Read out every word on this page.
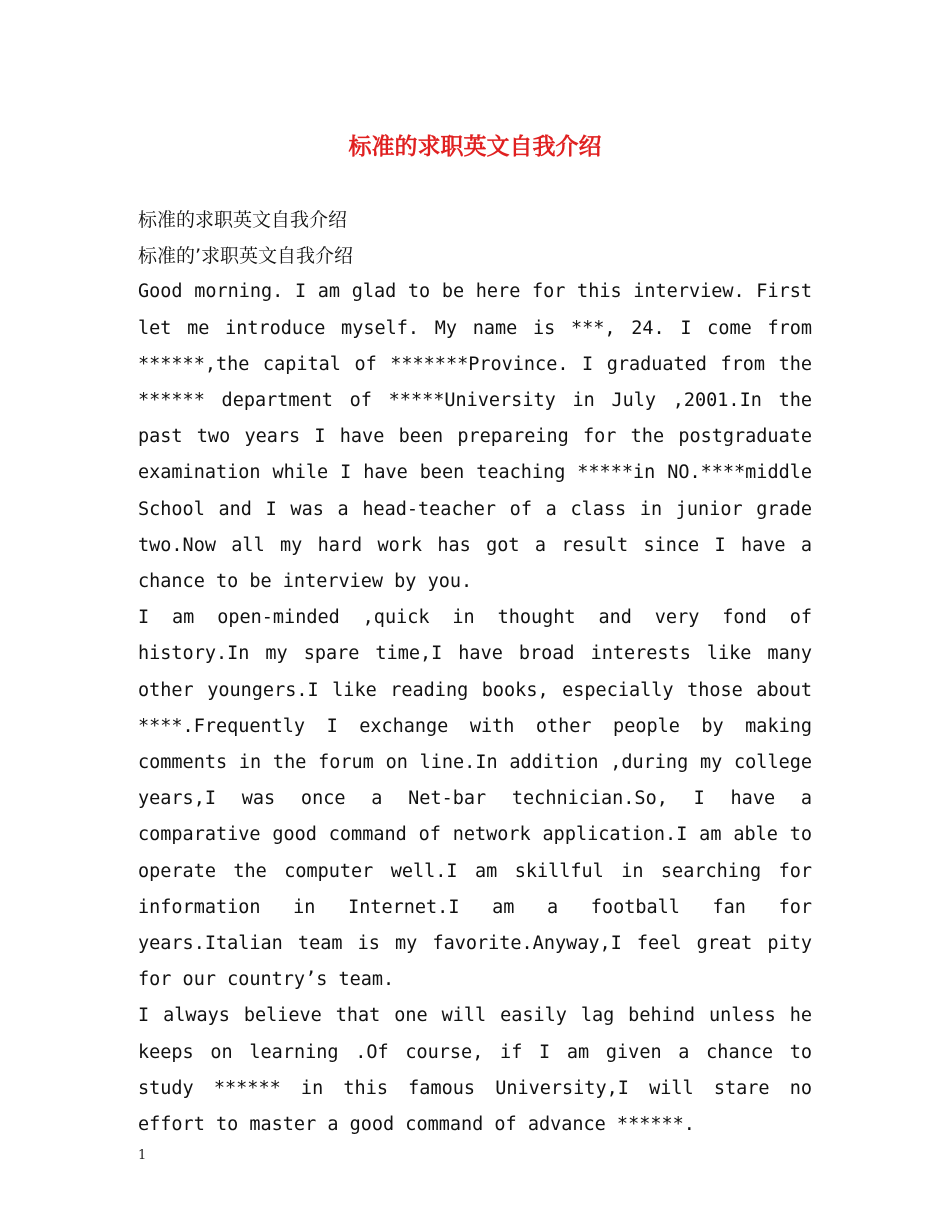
标准的求职英文自我介绍
标准的求职英文自我介绍
标准的’求职英文自我介绍
Good morning. I am glad to be here for this interview. First let me introduce myself. My name is ***, 24. I come from ******,the capital of *******Province. I graduated from the ****** department of *****University in July ,2001.In the past two years I have been prepareing for the postgraduate examination while I have been teaching *****in NO.****middle School and I was a head-teacher of a class in junior grade two.Now all my hard work has got a result since I have a chance to be interview by you.
I am open-minded ,quick in thought and very fond of history.In my spare time,I have broad interests like many other youngers.I like reading books, especially those about ****.Frequently I exchange with other people by making comments in the forum on line.In addition ,during my college years,I was once a Net-bar technician.So, I have a comparative good command of network application.I am able to operate the computer well.I am skillful in searching for information in Internet.I am a football fan for years.Italian team is my favorite.Anyway,I feel great pity for our country’s team.
I always believe that one will easily lag behind unless he keeps on learning .Of course, if I am given a chance to study ****** in this famous University,I will stare no effort to master a good command of advance ******.
1
